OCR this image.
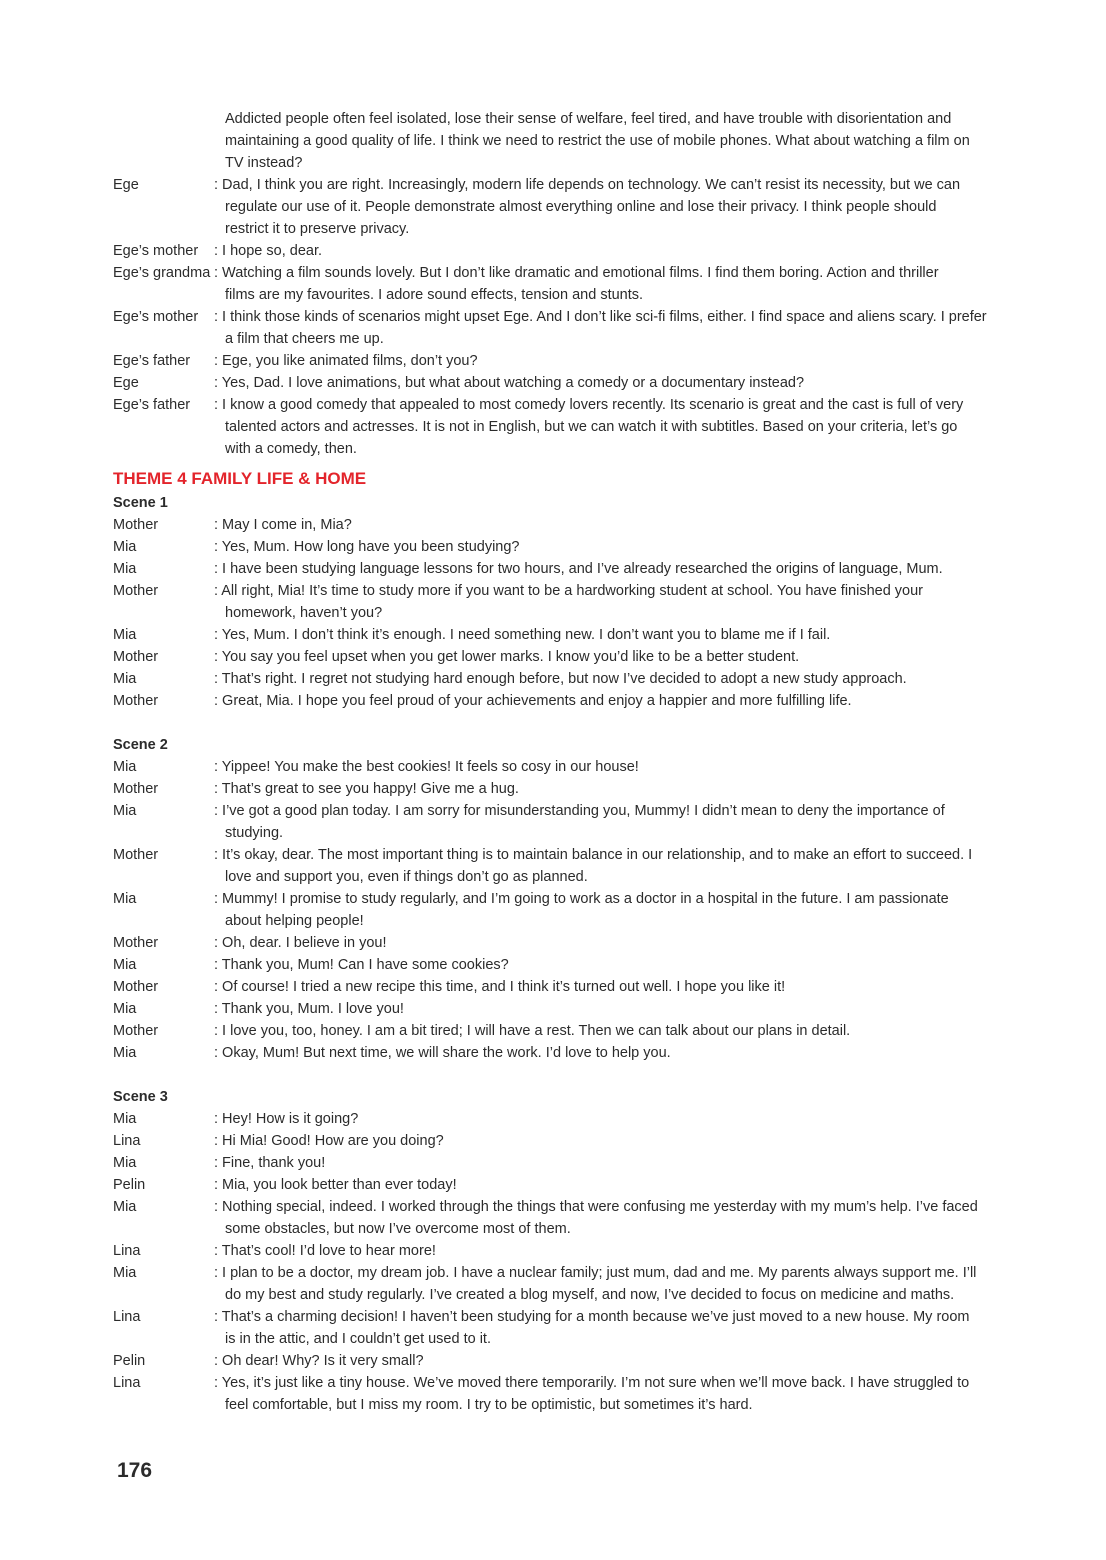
Addicted people often feel isolated, lose their sense of welfare, feel tired, and have trouble with disorientation and
maintaining a good quality of life. I think we need to restrict the use of mobile phones. What about watching a film on
TV instead?
Ege	: Dad, I think you are right. Increasingly, modern life depends on technology. We can’t resist its necessity, but we can
regulate our use of it. People demonstrate almost everything online and lose their privacy. I think people should
restrict it to preserve privacy.
Ege’s mother	: I hope so, dear.
Ege’s grandma : Watching a film sounds lovely. But I don’t like dramatic and emotional films. I find them boring. Action and thriller
films are my favourites. I adore sound effects, tension and stunts.
Ege’s mother	: I think those kinds of scenarios might upset Ege. And I don’t like sci-fi films, either. I find space and aliens scary. I prefer
a film that cheers me up.
Ege’s father	: Ege, you like animated films, don’t you?
Ege	: Yes, Dad. I love animations, but what about watching a comedy or a documentary instead?
Ege’s father	: I know a good comedy that appealed to most comedy lovers recently. Its scenario is great and the cast is full of very
talented actors and actresses. It is not in English, but we can watch it with subtitles. Based on your criteria, let’s go
with a comedy, then.
THEME 4 FAMILY LIFE & HOME
Scene 1
Mother	: May I come in, Mia?
Mia	: Yes, Mum. How long have you been studying?
Mia	: I have been studying language lessons for two hours, and I’ve already researched the origins of language, Mum.
Mother	: All right, Mia! It’s time to study more if you want to be a hardworking student at school. You have finished your
homework, haven’t you?
Mia	: Yes, Mum. I don’t think it’s enough. I need something new. I don’t want you to blame me if I fail.
Mother	: You say you feel upset when you get lower marks. I know you’d like to be a better student.
Mia	: That’s right. I regret not studying hard enough before, but now I’ve decided to adopt a new study approach.
Mother	: Great, Mia. I hope you feel proud of your achievements and enjoy a happier and more fulfilling life.
Scene 2
Mia	: Yippee! You make the best cookies! It feels so cosy in our house!
Mother	: That’s great to see you happy! Give me a hug.
Mia	: I’ve got a good plan today. I am sorry for misunderstanding you, Mummy! I didn’t mean to deny the importance of
studying.
Mother	: It’s okay, dear. The most important thing is to maintain balance in our relationship, and to make an effort to succeed. I
love and support you, even if things don’t go as planned.
Mia	: Mummy! I promise to study regularly, and I’m going to work as a doctor in a hospital in the future. I am passionate
about helping people!
Mother	: Oh, dear. I believe in you!
Mia	: Thank you, Mum! Can I have some cookies?
Mother	: Of course! I tried a new recipe this time, and I think it’s turned out well. I hope you like it!
Mia	: Thank you, Mum. I love you!
Mother	: I love you, too, honey. I am a bit tired; I will have a rest. Then we can talk about our plans in detail.
Mia	: Okay, Mum! But next time, we will share the work. I’d love to help you.
Scene 3
Mia	: Hey! How is it going?
Lina	: Hi Mia! Good! How are you doing?
Mia	: Fine, thank you!
Pelin	: Mia, you look better than ever today!
Mia	: Nothing special, indeed. I worked through the things that were confusing me yesterday with my mum’s help. I’ve faced
some obstacles, but now I’ve overcome most of them.
Lina	: That’s cool! I’d love to hear more!
Mia	: I plan to be a doctor, my dream job. I have a nuclear family; just mum, dad and me. My parents always support me. I’ll
do my best and study regularly. I’ve created a blog myself, and now, I’ve decided to focus on medicine and maths.
Lina	: That’s a charming decision! I haven’t been studying for a month because we’ve just moved to a new house. My room
is in the attic, and I couldn’t get used to it.
Pelin	: Oh dear! Why? Is it very small?
Lina	: Yes, it’s just like a tiny house. We’ve moved there temporarily. I’m not sure when we’ll move back. I have struggled to
feel comfortable, but I miss my room. I try to be optimistic, but sometimes it’s hard.
176
